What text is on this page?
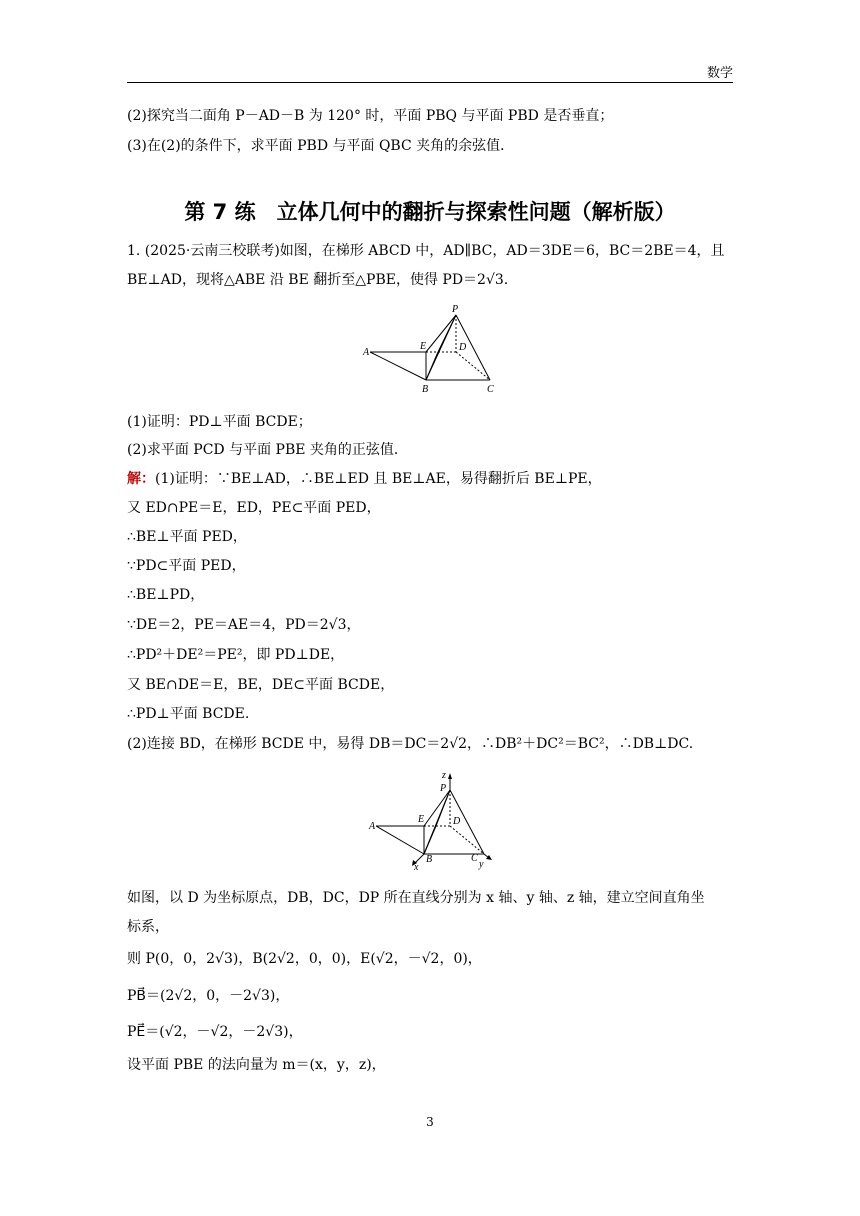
数学
(2)探究当二面角 P－AD－B 为 120° 时，平面 PBQ 与平面 PBD 是否垂直；
(3)在(2)的条件下，求平面 PBD 与平面 QBC 夹角的余弦值．
第 7 练　立体几何中的翻折与探索性问题（解析版）
1. (2025·云南三校联考)如图，在梯形 ABCD 中，AD∥BC，AD＝3DE＝6，BC＝2BE＝4，且
BE⊥AD，现将△ABE 沿 BE 翻折至△PBE，使得 PD＝2√3.
P
E	D
A
B	C
(1)证明：PD⊥平面 BCDE；
(2)求平面 PCD 与平面 PBE 夹角的正弦值．
解：(1)证明：∵BE⊥AD，∴BE⊥ED 且 BE⊥AE，易得翻折后 BE⊥PE，
又 ED∩PE＝E，ED，PE⊂平面 PED，
∴BE⊥平面 PED，
∵PD⊂平面 PED，
∴BE⊥PD，
∵DE＝2，PE＝AE＝4，PD＝2√3，
∴PD²＋DE²＝PE²，即 PD⊥DE，
又 BE∩DE＝E，BE，DE⊂平面 BCDE，
∴PD⊥平面 BCDE.
(2)连接 BD，在梯形 BCDE 中，易得 DB＝DC＝2√2，∴DB²＋DC²＝BC²，∴DB⊥DC.
z
P
E	D
A
B	C
x	y
如图，以 D 为坐标原点，DB，DC，DP 所在直线分别为 x 轴、y 轴、z 轴，建立空间直角坐
标系，
则 P(0，0，2√3)，B(2√2，0，0)，E(√2，－√2，0)，
PB⃗＝(2√2，0，－2√3)，
PE⃗＝(√2，－√2，－2√3)，
设平面 PBE 的法向量为 m＝(x，y，z)，
3
